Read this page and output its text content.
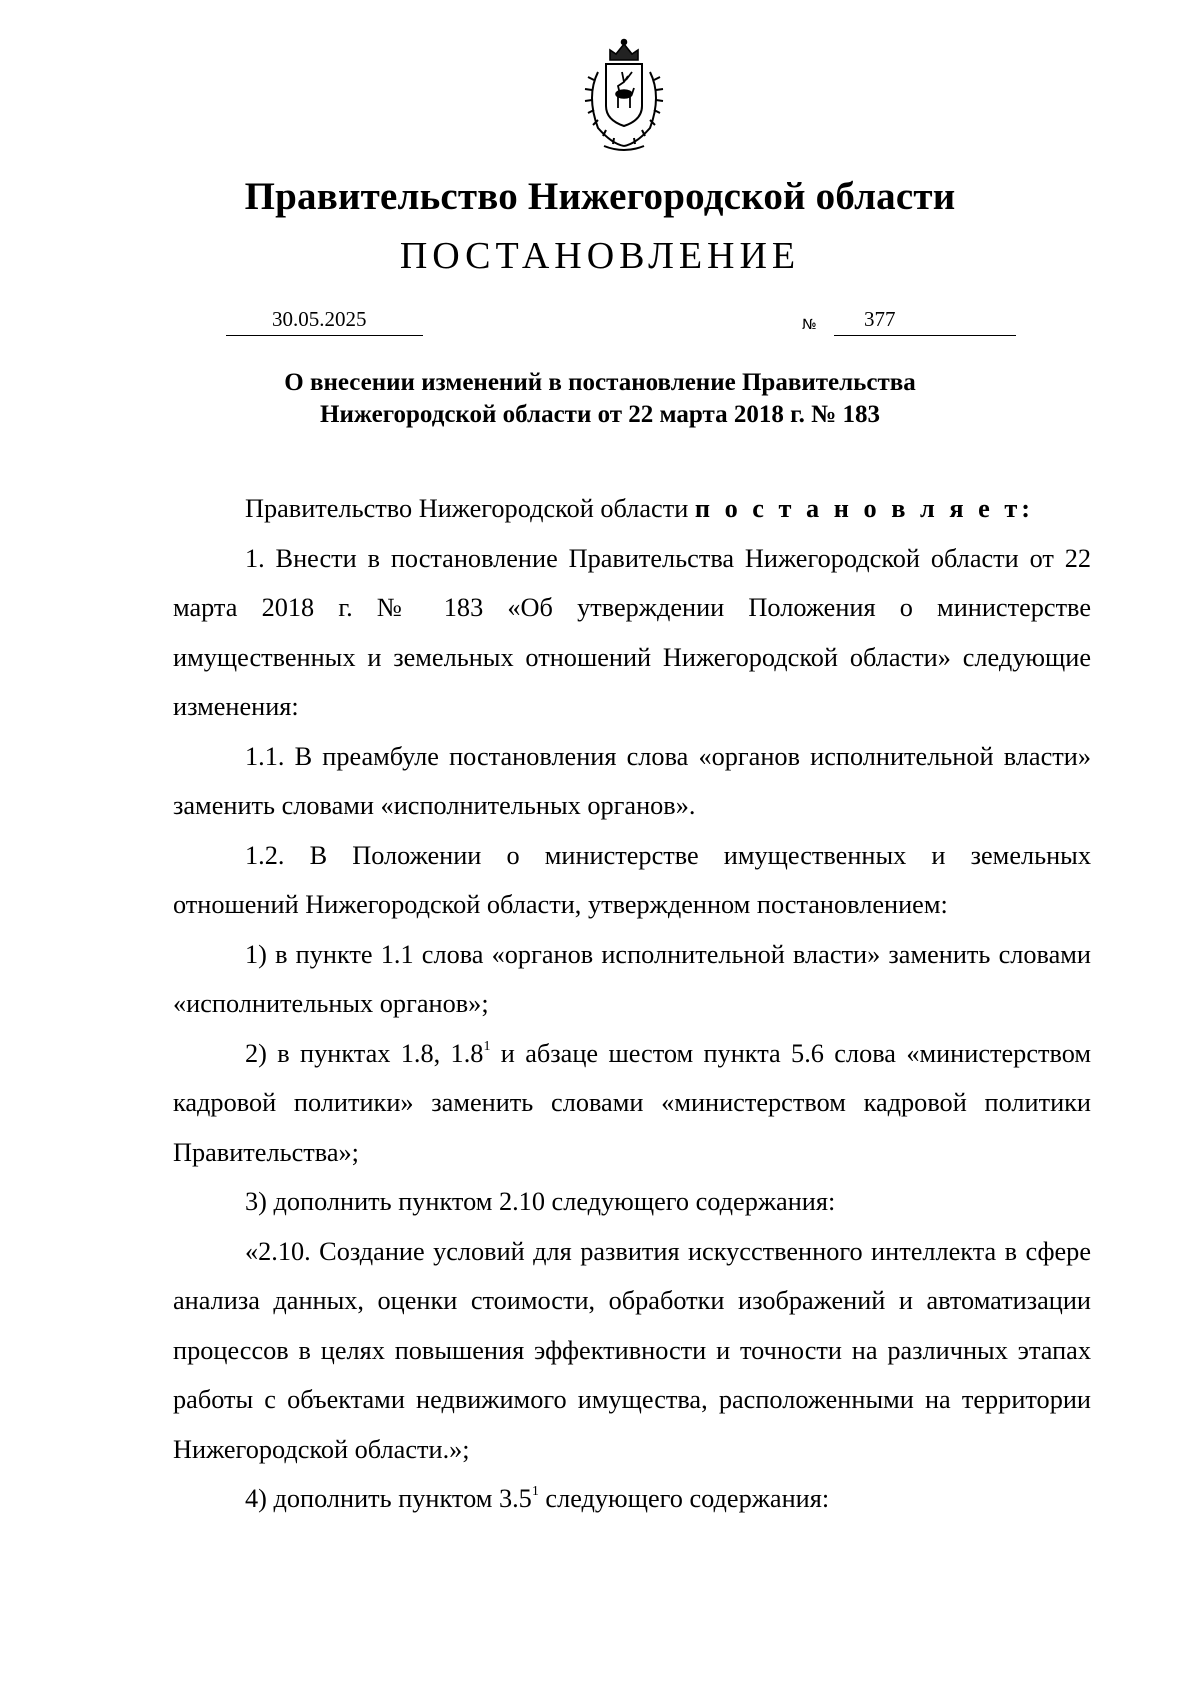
Правительство Нижегородской области
ПОСТАНОВЛЕНИЕ
30.05.2025	№ 377
О внесении изменений в постановление Правительства
Нижегородской области от 22 марта 2018 г. № 183

Правительство Нижегородской области п о с т а н о в л я е т:

1. Внести в постановление Правительства Нижегородской области от 22 марта 2018 г. № 183 «Об утверждении Положения о министерстве имущественных и земельных отношений Нижегородской области» следующие изменения:

1.1. В преамбуле постановления слова «органов исполнительной власти» заменить словами «исполнительных органов».

1.2. В Положении о министерстве имущественных и земельных отношений Нижегородской области, утвержденном постановлением:

1) в пункте 1.1 слова «органов исполнительной власти» заменить словами «исполнительных органов»;

2) в пунктах 1.8, $1.8^1$ и абзаце шестом пункта 5.6 слова «министерством кадровой политики» заменить словами «министерством кадровой политики Правительства»;

3) дополнить пунктом 2.10 следующего содержания:

«2.10. Создание условий для развития искусственного интеллекта в сфере анализа данных, оценки стоимости, обработки изображений и автоматизации процессов в целях повышения эффективности и точности на различных этапах работы с объектами недвижимого имущества, расположенными на территории Нижегородской области.»;

4) дополнить пунктом $3.5^1$ следующего содержания:
